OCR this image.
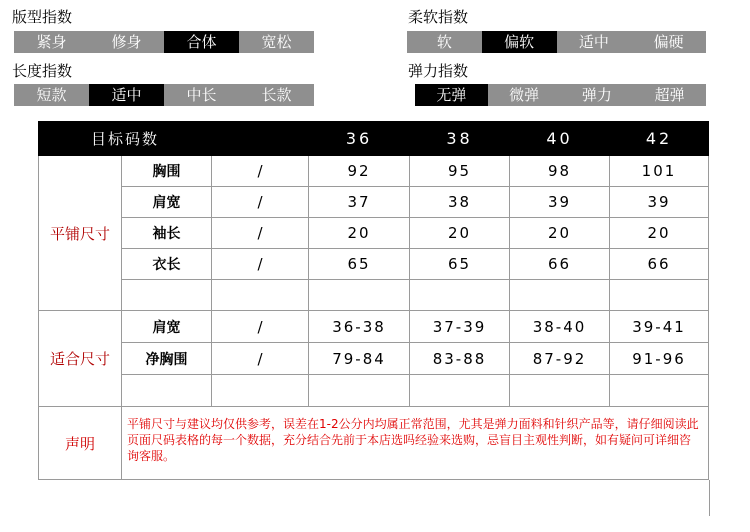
版型指数
紧身	修身	合体	宽松
柔软指数
软	偏软	适中	偏硬
长度指数
短款	适中	中长	长款
弹力指数
无弹	微弹	弹力	超弹
目标码数			36	38	40	42
平铺尺寸	胸围	/	92	95	98	101
	肩宽	/	37	38	39	39
	袖长	/	20	20	20	20
	衣长	/	65	65	66	66

适合尺寸	肩宽	/	36-38	37-39	38-40	39-41
	净胸围	/	79-84	83-88	87-92	91-96

声明	平铺尺寸与建议均仅供参考，误差在1-2公分内均属正常范围，尤其是弹力面料和针织产品等，请仔细阅读此页面尺码表格的每一个数据，充分结合先前于本店选吗经验来选购，忌盲目主观性判断，如有疑问可详细咨询客服。					
